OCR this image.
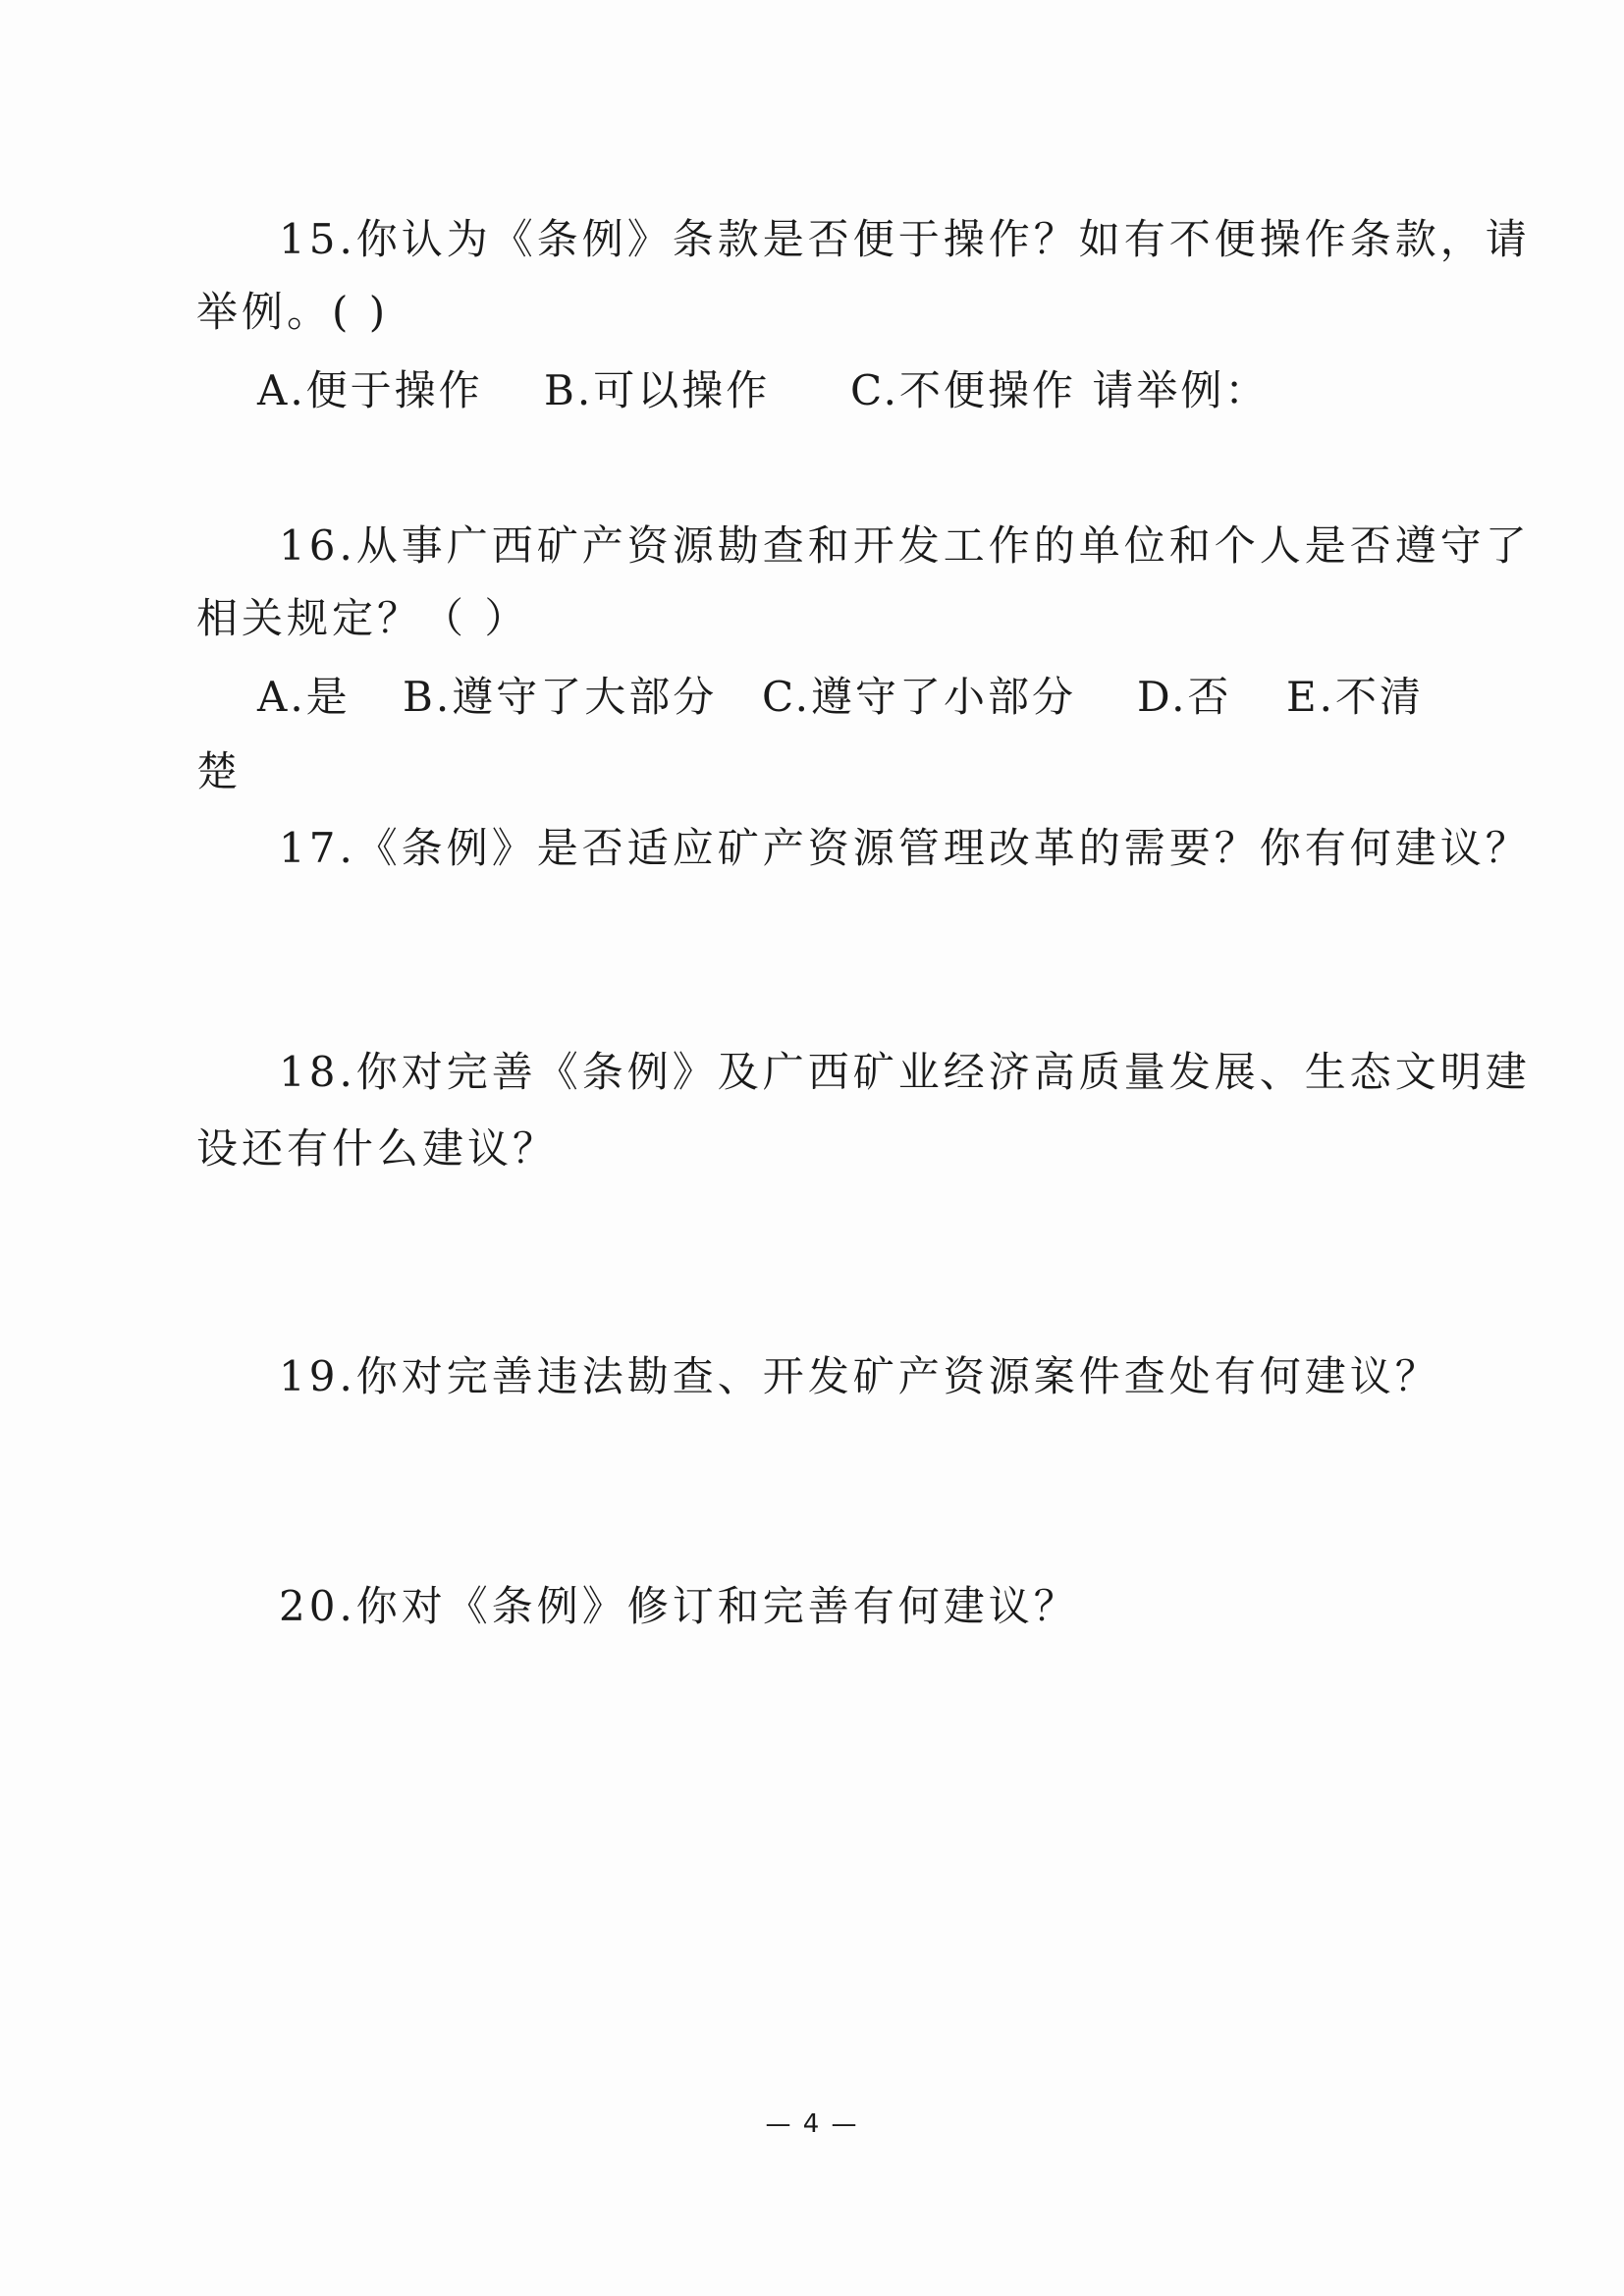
15.你认为《条例》条款是否便于操作？如有不便操作条款，请
举例。( )
A.便于操作 B.可以操作 C.不便操作 请举例：
16.从事广西矿产资源勘查和开发工作的单位和个人是否遵守了
相关规定？（ ）
A.是 B.遵守了大部分 C.遵守了小部分 D.否 E.不清
楚
17.《条例》是否适应矿产资源管理改革的需要？你有何建议？
18.你对完善《条例》及广西矿业经济高质量发展、生态文明建
设还有什么建议？
19.你对完善违法勘查、开发矿产资源案件查处有何建议？
20.你对《条例》修订和完善有何建议？
— 4 —
